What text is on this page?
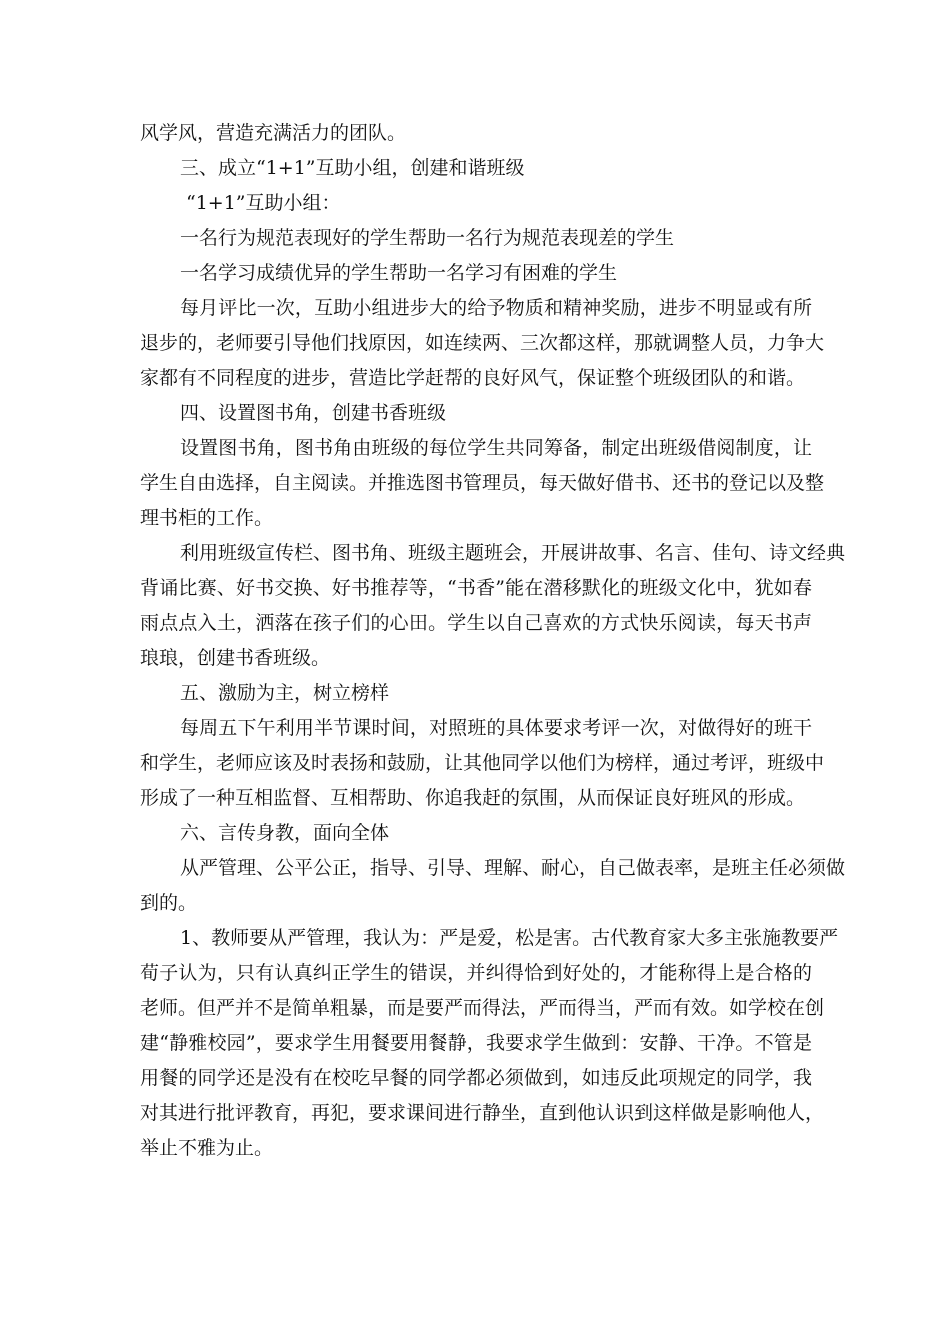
风学风，营造充满活力的团队。
三、成立“1+1”互助小组，创建和谐班级
“1+1”互助小组：
一名行为规范表现好的学生帮助一名行为规范表现差的学生
一名学习成绩优异的学生帮助一名学习有困难的学生
每月评比一次，互助小组进步大的给予物质和精神奖励，进步不明显或有所
退步的，老师要引导他们找原因，如连续两、三次都这样，那就调整人员，力争大
家都有不同程度的进步，营造比学赶帮的良好风气，保证整个班级团队的和谐。
四、设置图书角，创建书香班级
设置图书角，图书角由班级的每位学生共同筹备，制定出班级借阅制度，让
学生自由选择，自主阅读。并推选图书管理员，每天做好借书、还书的登记以及整
理书柜的工作。
利用班级宣传栏、图书角、班级主题班会，开展讲故事、名言、佳句、诗文经典
背诵比赛、好书交换、好书推荐等，“书香”能在潜移默化的班级文化中，犹如春
雨点点入土，洒落在孩子们的心田。学生以自己喜欢的方式快乐阅读，每天书声
琅琅，创建书香班级。
五、激励为主，树立榜样
每周五下午利用半节课时间，对照班的具体要求考评一次，对做得好的班干
和学生，老师应该及时表扬和鼓励，让其他同学以他们为榜样，通过考评，班级中
形成了一种互相监督、互相帮助、你追我赶的氛围，从而保证良好班风的形成。
六、言传身教，面向全体
从严管理、公平公正，指导、引导、理解、耐心，自己做表率，是班主任必须做
到的。
1、教师要从严管理，我认为：严是爱，松是害。古代教育家大多主张施教要严
荀子认为，只有认真纠正学生的错误，并纠得恰到好处的，才能称得上是合格的
老师。但严并不是简单粗暴，而是要严而得法，严而得当，严而有效。如学校在创
建“静雅校园”，要求学生用餐要用餐静，我要求学生做到：安静、干净。不管是
用餐的同学还是没有在校吃早餐的同学都必须做到，如违反此项规定的同学，我
对其进行批评教育，再犯，要求课间进行静坐，直到他认识到这样做是影响他人，
举止不雅为止。
